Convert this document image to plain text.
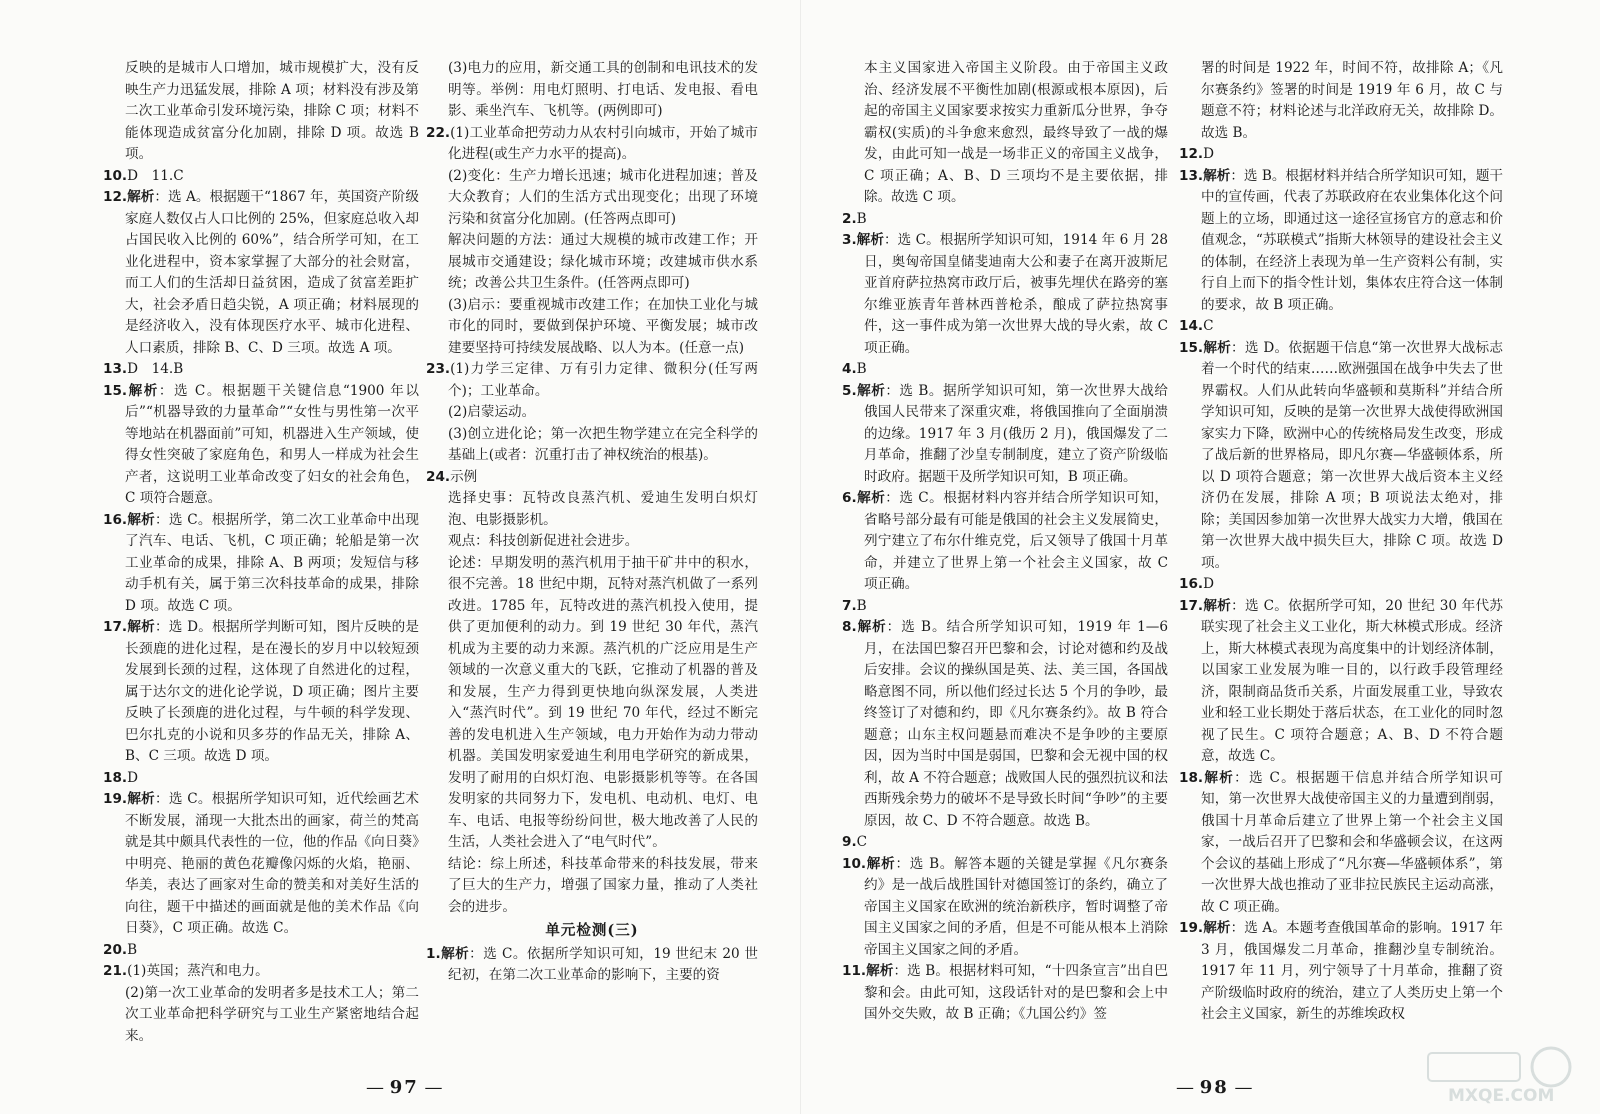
反映的是城市人口增加，城市规模扩大，没有反映生产力迅猛发展，排除 A 项；材料没有涉及第二次工业革命引发环境污染，排除 C 项；材料不能体现造成贫富分化加剧，排除 D 项。故选 B 项。

10.D　11.C

12.解析：选 A。根据题干“1867 年，英国资产阶级家庭人数仅占人口比例的 25%，但家庭总收入却占国民收入比例的 60%”，结合所学可知，在工业化进程中，资本家掌握了大部分的社会财富，而工人们的生活却日益贫困，造成了贫富差距扩大，社会矛盾日趋尖锐，A 项正确；材料展现的是经济收入，没有体现医疗水平、城市化进程、人口素质，排除 B、C、D 三项。故选 A 项。

13.D　14.B

15.解析：选 C。根据题干关键信息“1900 年以后”“机器导致的力量革命”“女性与男性第一次平等地站在机器面前”可知，机器进入生产领域，使得女性突破了家庭角色，和男人一样成为社会生产者，这说明工业革命改变了妇女的社会角色，C 项符合题意。

16.解析：选 C。根据所学，第二次工业革命中出现了汽车、电话、飞机，C 项正确；轮船是第一次工业革命的成果，排除 A、B 两项；发短信与移动手机有关，属于第三次科技革命的成果，排除 D 项。故选 C 项。

17.解析：选 D。根据所学判断可知，图片反映的是长颈鹿的进化过程，是在漫长的岁月中以较短颈发展到长颈的过程，这体现了自然进化的过程，属于达尔文的进化论学说，D 项正确；图片主要反映了长颈鹿的进化过程，与牛顿的科学发现、巴尔扎克的小说和贝多芬的作品无关，排除 A、B、C 三项。故选 D 项。

18.D

19.解析：选 C。根据所学知识可知，近代绘画艺术不断发展，涌现一大批杰出的画家，荷兰的梵高就是其中颇具代表性的一位，他的作品《向日葵》中明亮、艳丽的黄色花瓣像闪烁的火焰，艳丽、华美，表达了画家对生命的赞美和对美好生活的向往，题干中描述的画面就是他的美术作品《向日葵》，C 项正确。故选 C。

20.B

21.(1)英国；蒸汽和电力。

(2)第一次工业革命的发明者多是技术工人；第二次工业革命把科学研究与工业生产紧密地结合起来。

(3)电力的应用，新交通工具的创制和电讯技术的发明等。举例：用电灯照明、打电话、发电报、看电影、乘坐汽车、飞机等。(两例即可)

22.(1)工业革命把劳动力从农村引向城市，开始了城市化进程(或生产力水平的提高)。

(2)变化：生产力增长迅速；城市化进程加速；普及大众教育；人们的生活方式出现变化；出现了环境污染和贫富分化加剧。(任答两点即可)

解决问题的方法：通过大规模的城市改建工作；开展城市交通建设；绿化城市环境；改建城市供水系统；改善公共卫生条件。(任答两点即可)

(3)启示：要重视城市改建工作；在加快工业化与城市化的同时，要做到保护环境、平衡发展；城市改建要坚持可持续发展战略、以人为本。(任意一点)

23.(1)力学三定律、万有引力定律、微积分(任写两个)；工业革命。

(2)启蒙运动。

(3)创立进化论；第一次把生物学建立在完全科学的基础上(或者：沉重打击了神权统治的根基)。

24.示例

选择史事：瓦特改良蒸汽机、爱迪生发明白炽灯泡、电影摄影机。

观点：科技创新促进社会进步。

论述：早期发明的蒸汽机用于抽干矿井中的积水，很不完善。18 世纪中期，瓦特对蒸汽机做了一系列改进。1785 年，瓦特改进的蒸汽机投入使用，提供了更加便利的动力。到 19 世纪 30 年代，蒸汽机成为主要的动力来源。蒸汽机的广泛应用是生产领域的一次意义重大的飞跃，它推动了机器的普及和发展，生产力得到更快地向纵深发展，人类进入“蒸汽时代”。到 19 世纪 70 年代，经过不断完善的发电机进入生产领域，电力开始作为动力带动机器。美国发明家爱迪生利用电学研究的新成果，发明了耐用的白炽灯泡、电影摄影机等等。在各国发明家的共同努力下，发电机、电动机、电灯、电车、电话、电报等纷纷问世，极大地改善了人民的生活，人类社会进入了“电气时代”。

结论：综上所述，科技革命带来的科技发展，带来了巨大的生产力，增强了国家力量，推动了人类社会的进步。

单元检测(三)

1.解析：选 C。依据所学知识可知，19 世纪末 20 世纪初，在第二次工业革命的影响下，主要的资

本主义国家进入帝国主义阶段。由于帝国主义政治、经济发展不平衡性加剧(根源或根本原因)，后起的帝国主义国家要求按实力重新瓜分世界，争夺霸权(实质)的斗争愈来愈烈，最终导致了一战的爆发，由此可知一战是一场非正义的帝国主义战争，C 项正确；A、B、D 三项均不是主要依据，排除。故选 C 项。

2.B

3.解析：选 C。根据所学知识可知，1914 年 6 月 28 日，奥匈帝国皇储斐迪南大公和妻子在离开波斯尼亚首府萨拉热窝市政厅后，被事先埋伏在路旁的塞尔维亚族青年普林西普枪杀，酿成了萨拉热窝事件，这一事件成为第一次世界大战的导火索，故 C 项正确。

4.B

5.解析：选 B。据所学知识可知，第一次世界大战给俄国人民带来了深重灾难，将俄国推向了全面崩溃的边缘。1917 年 3 月(俄历 2 月)，俄国爆发了二月革命，推翻了沙皇专制制度，建立了资产阶级临时政府。据题干及所学知识可知，B 项正确。

6.解析：选 C。根据材料内容并结合所学知识可知，省略号部分最有可能是俄国的社会主义发展简史，列宁建立了布尔什维克党，后又领导了俄国十月革命，并建立了世界上第一个社会主义国家，故 C 项正确。

7.B

8.解析：选 B。结合所学知识可知，1919 年 1—6 月，在法国巴黎召开巴黎和会，讨论对德和约及战后安排。会议的操纵国是英、法、美三国，各国战略意图不同，所以他们经过长达 5 个月的争吵，最终签订了对德和约，即《凡尔赛条约》。故 B 符合题意；山东主权问题悬而难决不是争吵的主要原因，因为当时中国是弱国，巴黎和会无视中国的权利，故 A 不符合题意；战败国人民的强烈抗议和法西斯残余势力的破坏不是导致长时间“争吵”的主要原因，故 C、D 不符合题意。故选 B。

9.C

10.解析：选 B。解答本题的关键是掌握《凡尔赛条约》是一战后战胜国针对德国签订的条约，确立了帝国主义国家在欧洲的统治新秩序，暂时调整了帝国主义国家之间的矛盾，但是不可能从根本上消除帝国主义国家之间的矛盾。

11.解析：选 B。根据材料可知，“十四条宣言”出自巴黎和会。由此可知，这段话针对的是巴黎和会上中国外交失败，故 B 正确；《九国公约》签

署的时间是 1922 年，时间不符，故排除 A；《凡尔赛条约》签署的时间是 1919 年 6 月，故 C 与题意不符；材料论述与北洋政府无关，故排除 D。故选 B。

12.D

13.解析：选 B。根据材料并结合所学知识可知，题干中的宣传画，代表了苏联政府在农业集体化这个问题上的立场，即通过这一途径宣扬官方的意志和价值观念，“苏联模式”指斯大林领导的建设社会主义的体制，在经济上表现为单一生产资料公有制，实行自上而下的指令性计划，集体农庄符合这一体制的要求，故 B 项正确。

14.C

15.解析：选 D。依据题干信息“第一次世界大战标志着一个时代的结束……欧洲强国在战争中失去了世界霸权。人们从此转向华盛顿和莫斯科”并结合所学知识可知，反映的是第一次世界大战使得欧洲国家实力下降，欧洲中心的传统格局发生改变，形成了战后新的世界格局，即凡尔赛—华盛顿体系，所以 D 项符合题意；第一次世界大战后资本主义经济仍在发展，排除 A 项；B 项说法太绝对，排除；美国因参加第一次世界大战实力大增，俄国在第一次世界大战中损失巨大，排除 C 项。故选 D 项。

16.D

17.解析：选 C。依据所学可知，20 世纪 30 年代苏联实现了社会主义工业化，斯大林模式形成。经济上，斯大林模式表现为高度集中的计划经济体制，以国家工业发展为唯一目的，以行政手段管理经济，限制商品货币关系，片面发展重工业，导致农业和轻工业长期处于落后状态，在工业化的同时忽视了民生。C 项符合题意；A、B、D 不符合题意，故选 C。

18.解析：选 C。根据题干信息并结合所学知识可知，第一次世界大战使帝国主义的力量遭到削弱，俄国十月革命后建立了世界上第一个社会主义国家，一战后召开了巴黎和会和华盛顿会议，在这两个会议的基础上形成了“凡尔赛—华盛顿体系”，第一次世界大战也推动了亚非拉民族民主运动高涨，故 C 项正确。

19.解析：选 A。本题考查俄国革命的影响。1917 年 3 月，俄国爆发二月革命，推翻沙皇专制统治。1917 年 11 月，列宁领导了十月革命，推翻了资产阶级临时政府的统治，建立了人类历史上第一个社会主义国家，新生的苏维埃政权

— 97 —	— 98 —	MXQE.COM
